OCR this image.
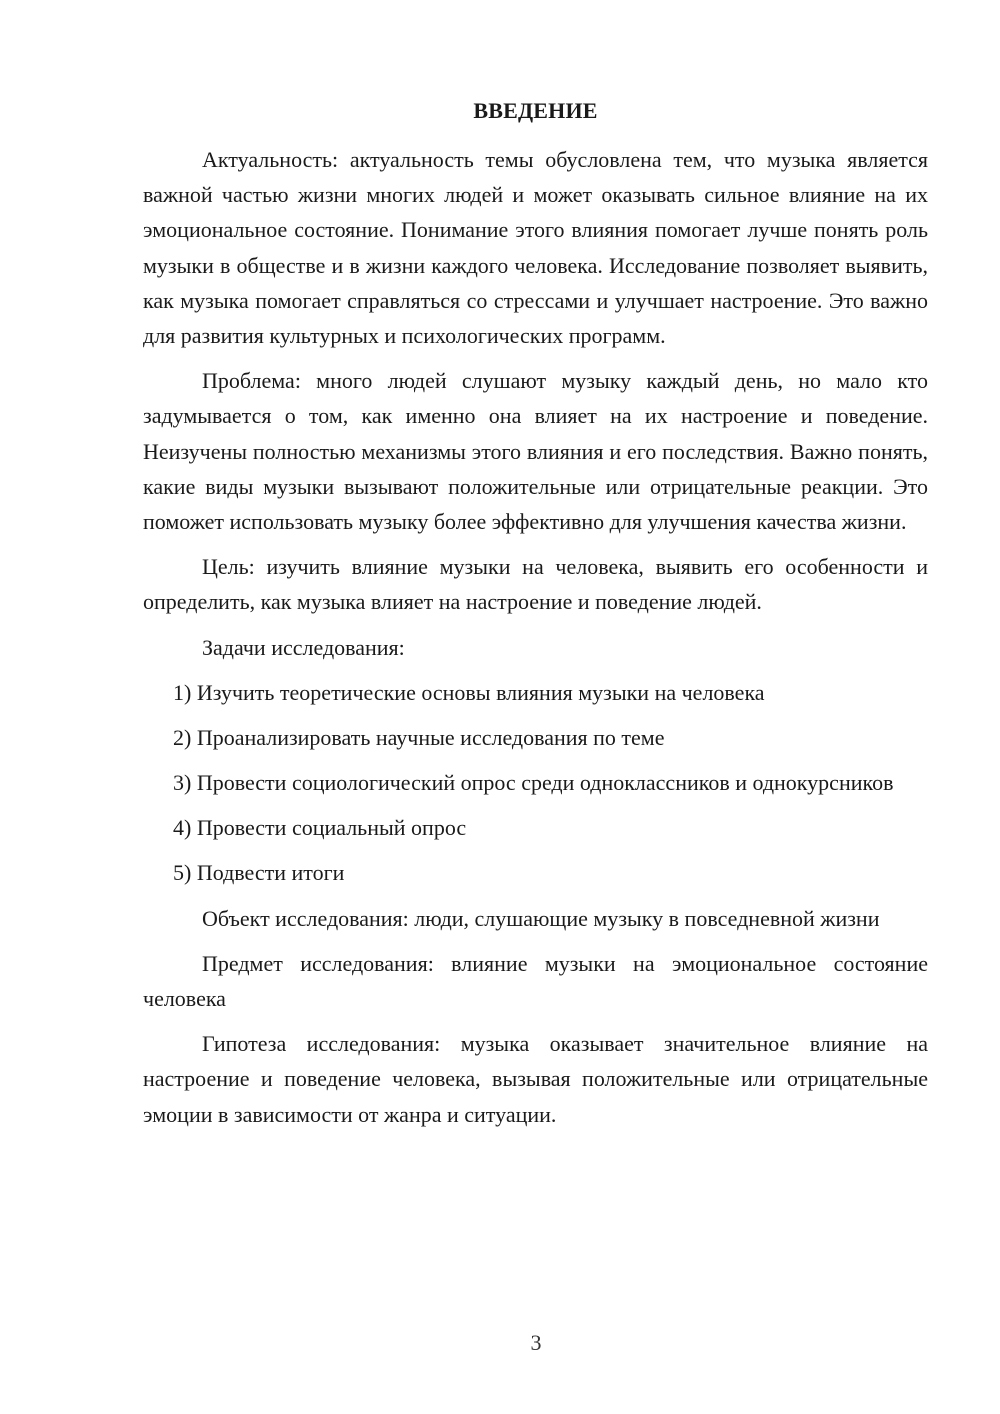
ВВЕДЕНИЕ

Актуальность: актуальность темы обусловлена тем, что музыка является важной частью жизни многих людей и может оказывать сильное влияние на их эмоциональное состояние. Понимание этого влияния помогает лучше понять роль музыки в обществе и в жизни каждого человека. Исследование позволяет выявить, как музыка помогает справляться со стрессами и улучшает настроение. Это важно для развития культурных и психологических программ.

Проблема: много людей слушают музыку каждый день, но мало кто задумывается о том, как именно она влияет на их настроение и поведение. Неизучены полностью механизмы этого влияния и его последствия. Важно понять, какие виды музыки вызывают положительные или отрицательные реакции. Это поможет использовать музыку более эффективно для улучшения качества жизни.

Цель: изучить влияние музыки на человека, выявить его особенности и определить, как музыка влияет на настроение и поведение людей.

Задачи исследования:

1) Изучить теоретические основы влияния музыки на человека

2) Проанализировать научные исследования по теме

3) Провести социологический опрос среди одноклассников и однокурсников

4) Провести социальный опрос

5) Подвести итоги

Объект исследования: люди, слушающие музыку в повседневной жизни

Предмет исследования: влияние музыки на эмоциональное состояние человека

Гипотеза исследования: музыка оказывает значительное влияние на настроение и поведение человека, вызывая положительные или отрицательные эмоции в зависимости от жанра и ситуации.

3
